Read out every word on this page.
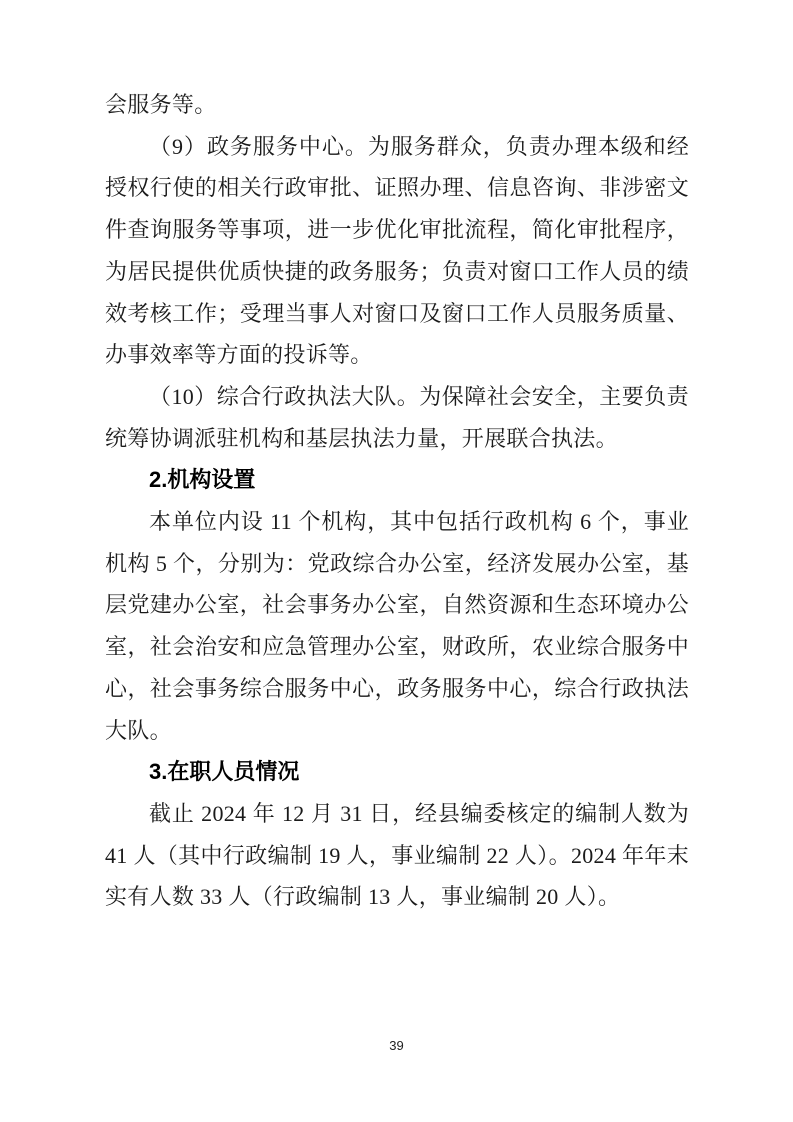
会服务等。

（9）政务服务中心。为服务群众，负责办理本级和经授权行使的相关行政审批、证照办理、信息咨询、非涉密文件查询服务等事项，进一步优化审批流程，简化审批程序，为居民提供优质快捷的政务服务；负责对窗口工作人员的绩效考核工作；受理当事人对窗口及窗口工作人员服务质量、办事效率等方面的投诉等。

（10）综合行政执法大队。为保障社会安全，主要负责统筹协调派驻机构和基层执法力量，开展联合执法。

2.机构设置

本单位内设 11 个机构，其中包括行政机构 6 个，事业机构 5 个，分别为：党政综合办公室，经济发展办公室，基层党建办公室，社会事务办公室，自然资源和生态环境办公室，社会治安和应急管理办公室，财政所，农业综合服务中心，社会事务综合服务中心，政务服务中心，综合行政执法大队。

3.在职人员情况

截止 2024 年 12 月 31 日，经县编委核定的编制人数为 41 人（其中行政编制 19 人，事业编制 22 人）。2024 年年末实有人数 33 人（行政编制 13 人，事业编制 20 人）。

39
